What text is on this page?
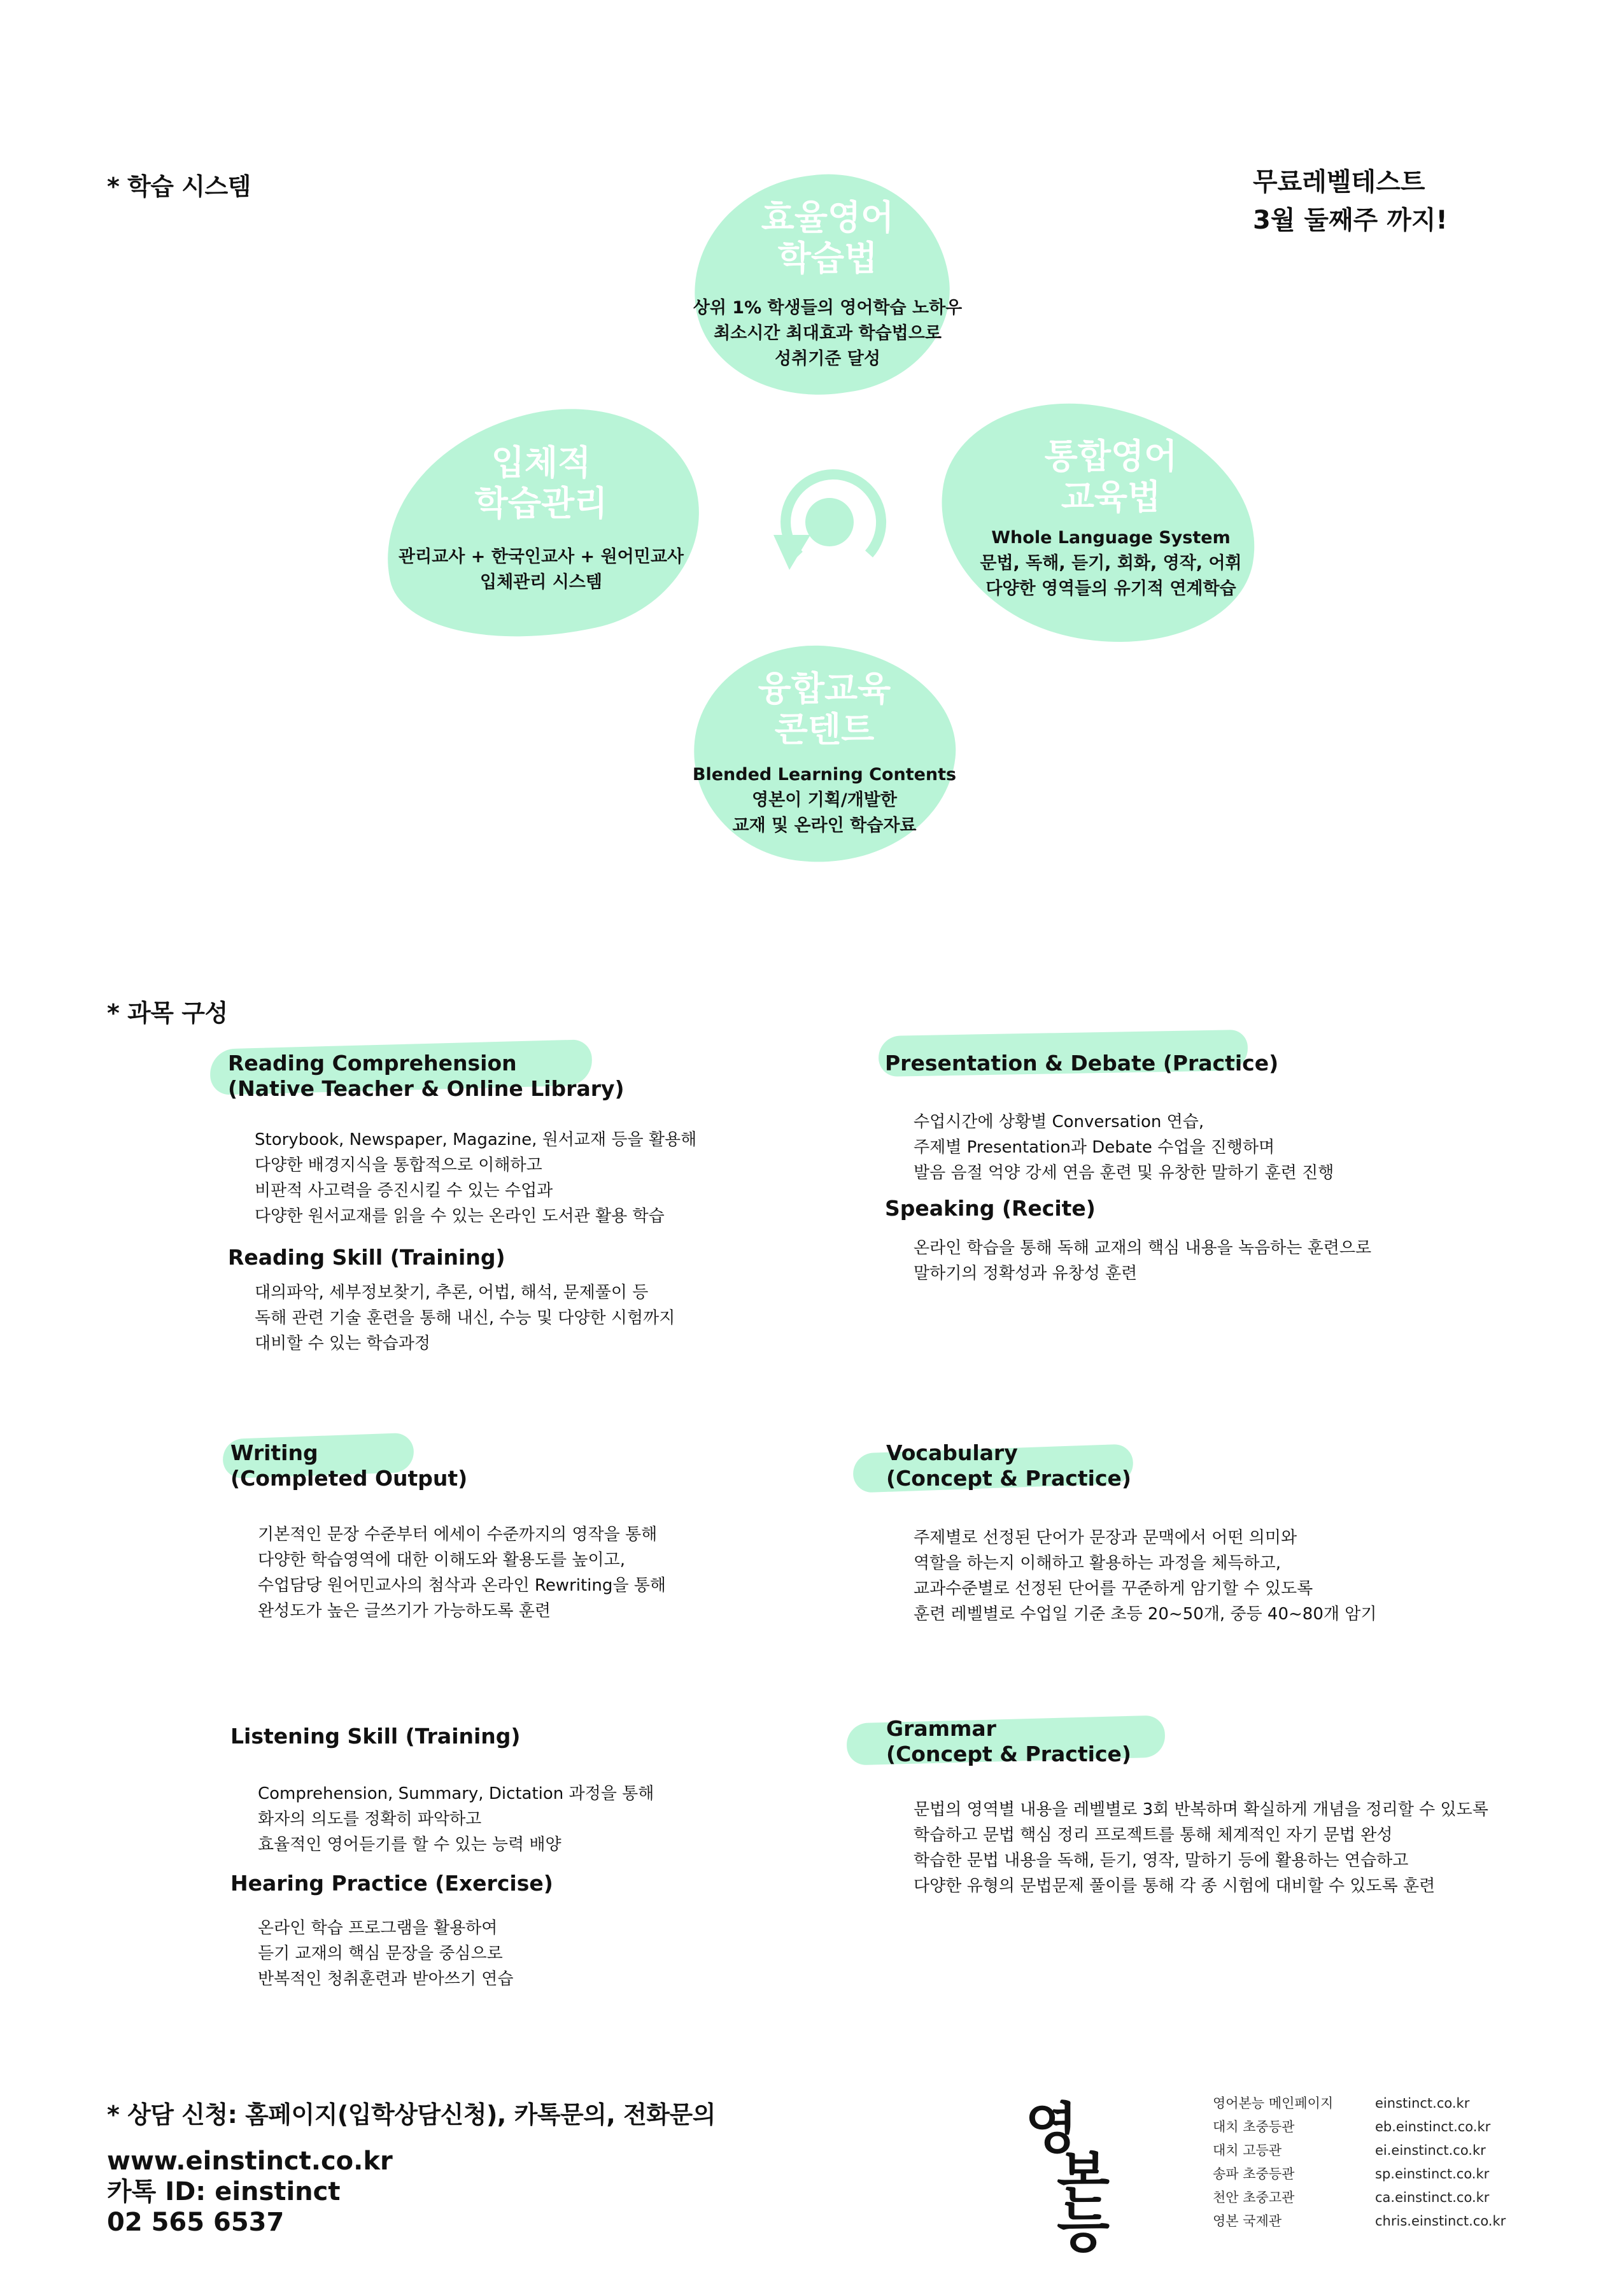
* 학습 시스템	무료레벨테스트
3월 둘째주 까지!
효율영어
학습법
상위 1% 학생들의 영어학습 노하우
최소시간 최대효과 학습법으로
성취기준 달성
입체적
학습관리
관리교사 + 한국인교사 + 원어민교사
입체관리 시스템
통합영어
교육법
Whole Language System
문법, 독해, 듣기, 회화, 영작, 어휘
다양한 영역들의 유기적 연계학습
융합교육
콘텐트
Blended Learning Contents
영본이 기획/개발한
교재 및 온라인 학습자료
* 과목 구성
Reading Comprehension
(Native Teacher & Online Library)
Storybook, Newspaper, Magazine, 원서교재 등을 활용해
다양한 배경지식을 통합적으로 이해하고
비판적 사고력을 증진시킬 수 있는 수업과
다양한 원서교재를 읽을 수 있는 온라인 도서관 활용 학습
Reading Skill (Training)
대의파악, 세부정보찾기, 추론, 어법, 해석, 문제풀이 등
독해 관련 기술 훈련을 통해 내신, 수능 및 다양한 시험까지
대비할 수 있는 학습과정
Presentation & Debate (Practice)
수업시간에 상황별 Conversation 연습,
주제별 Presentation과 Debate 수업을 진행하며
발음 음절 억양 강세 연음 훈련 및 유창한 말하기 훈련 진행
Speaking (Recite)
온라인 학습을 통해 독해 교재의 핵심 내용을 녹음하는 훈련으로
말하기의 정확성과 유창성 훈련
Writing
(Completed Output)
기본적인 문장 수준부터 에세이 수준까지의 영작을 통해
다양한 학습영역에 대한 이해도와 활용도를 높이고,
수업담당 원어민교사의 첨삭과 온라인 Rewriting을 통해
완성도가 높은 글쓰기가 가능하도록 훈련
Vocabulary
(Concept & Practice)
주제별로 선정된 단어가 문장과 문맥에서 어떤 의미와
역할을 하는지 이해하고 활용하는 과정을 체득하고,
교과수준별로 선정된 단어를 꾸준하게 암기할 수 있도록
훈련 레벨별로 수업일 기준 초등 20~50개, 중등 40~80개 암기
Listening Skill (Training)
Comprehension, Summary, Dictation 과정을 통해
화자의 의도를 정확히 파악하고
효율적인 영어듣기를 할 수 있는 능력 배양
Hearing Practice (Exercise)
온라인 학습 프로그램을 활용하여
듣기 교재의 핵심 문장을 중심으로
반복적인 청취훈련과 받아쓰기 연습
Grammar
(Concept & Practice)
문법의 영역별 내용을 레벨별로 3회 반복하며 확실하게 개념을 정리할 수 있도록
학습하고 문법 핵심 정리 프로젝트를 통해 체계적인 자기 문법 완성
학습한 문법 내용을 독해, 듣기, 영작, 말하기 등에 활용하는 연습하고
다양한 유형의 문법문제 풀이를 통해 각 종 시험에 대비할 수 있도록 훈련
* 상담 신청: 홈페이지(입학상담신청), 카톡문의, 전화문의
www.einstinct.co.kr
카톡 ID: einstinct
02 565 6537
영
본
능
영어본능 메인페이지
대치 초중등관
대치 고등관
송파 초중등관
천안 초중고관
영본 국제관
einstinct.co.kr
eb.einstinct.co.kr
ei.einstinct.co.kr
sp.einstinct.co.kr
ca.einstinct.co.kr
chris.einstinct.co.kr
